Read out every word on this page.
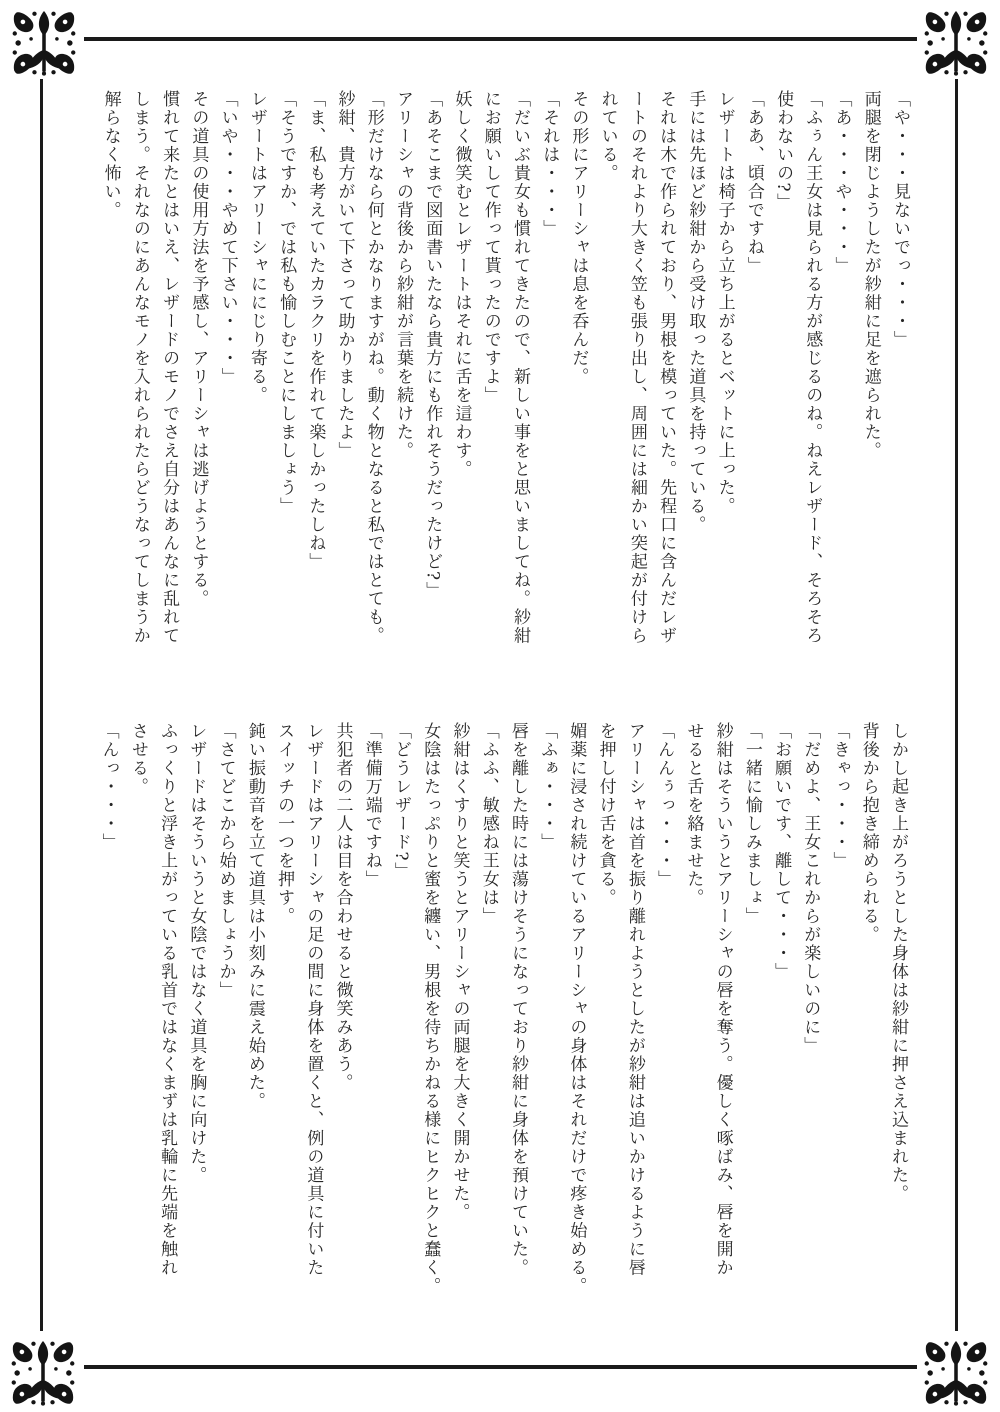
「や・・・見ないでっ・・・」
両腿を閉じようしたが紗紺に足を遮られた。
「あ・・・や・・・」
「ふぅん王女は見られる方が感じるのね。ねえレザード、そろそろ
使わないの?」
「ああ、頃合ですね」
レザートは椅子から立ち上がるとベットに上った。
手には先ほど紗紺から受け取った道具を持っている。
それは木で作られており、男根を模っていた。先程口に含んだレザ
ートのそれより大きく笠も張り出し、周囲には細かい突起が付けら
れている。
その形にアリーシャは息を呑んだ。
「それは・・・」
「だいぶ貴女も慣れてきたので、新しい事をと思いましてね。紗紺
にお願いして作って貰ったのですよ」
妖しく微笑むとレザートはそれに舌を這わす。
「あそこまで図面書いたなら貴方にも作れそうだったけど?」
アリーシャの背後から紗紺が言葉を続けた。
「形だけなら何とかなりますがね。動く物となると私ではとても。
紗紺、貴方がいて下さって助かりましたよ」
「ま、私も考えていたカラクリを作れて楽しかったしね」
「そうですか、では私も愉しむことにしましょう」
レザートはアリーシャににじり寄る。
「いや・・・やめて下さい・・・」
その道具の使用方法を予感し、アリーシャは逃げようとする。
慣れて来たとはいえ、レザードのモノでさえ自分はあんなに乱れて
しまう。それなのにあんなモノを入れられたらどうなってしまうか
解らなく怖い。
しかし起き上がろうとした身体は紗紺に押さえ込まれた。
背後から抱き締められる。
「きゃっ・・・」
「だめよ、王女これからが楽しいのに」
「お願いです、離して・・・」
「一緒に愉しみましょ」
紗紺はそういうとアリーシャの唇を奪う。優しく啄ばみ、唇を開か
せると舌を絡ませた。
「んんぅっ・・・」
アリーシャは首を振り離れようとしたが紗紺は追いかけるように唇
を押し付け舌を貪る。
媚薬に浸され続けているアリーシャの身体はそれだけで疼き始める。
「ふぁ・・・」
唇を離した時には蕩けそうになっており紗紺に身体を預けていた。
「ふふ、敏感ね王女は」
紗紺はくすりと笑うとアリーシャの両腿を大きく開かせた。
女陰はたっぷりと蜜を纏い、男根を待ちかねる様にヒクヒクと蠢く。
「どうレザード?」
「準備万端ですね」
共犯者の二人は目を合わせると微笑みあう。
レザードはアリーシャの足の間に身体を置くと、例の道具に付いた
スイッチの一つを押す。
鈍い振動音を立て道具は小刻みに震え始めた。
「さてどこから始めましょうか」
レザードはそういうと女陰ではなく道具を胸に向けた。
ふっくりと浮き上がっている乳首ではなくまずは乳輪に先端を触れ
させる。
「んっ・・・」
